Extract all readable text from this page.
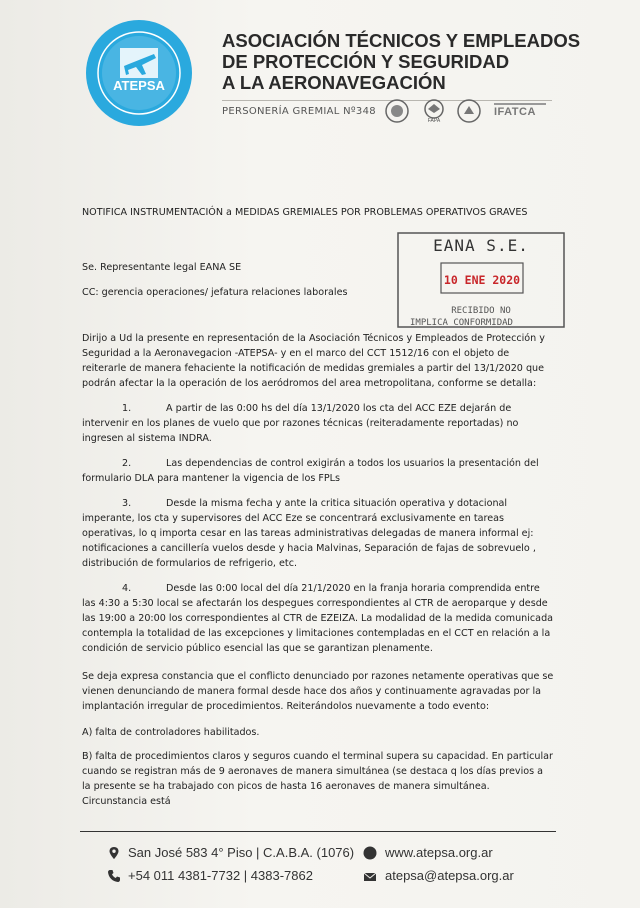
ATEPSA
ASOCIACIÓN TÉCNICOS Y EMPLEADOS
DE PROTECCIÓN Y SEGURIDAD
A LA AERONAVEGACIÓN
PERSONERÍA GREMIAL Nº348
FAPA
IFATCA
NOTIFICA INSTRUMENTACIÓN a MEDIDAS GREMIALES POR PROBLEMAS OPERATIVOS GRAVES
EANA S.E.
10 ENE 2020
RECIBIDO NO
IMPLICA CONFORMIDAD
Se. Representante legal EANA SE
CC: gerencia operaciones/ jefatura relaciones laborales

Dirijo a Ud la presente en representación de la Asociación Técnicos y Empleados de Protección y Seguridad a la Aeronavegacion -ATEPSA- y en el marco del CCT 1512/16 con el objeto de reiterarle de manera fehaciente la notificación de medidas gremiales a partir del 13/1/2020 que podrán afectar la la operación de los aeródromos del area metropolitana, conforme se detalla:

1.	A partir de las 0:00 hs del día 13/1/2020 los cta del ACC EZE dejarán de intervenir en los planes de vuelo que por razones técnicas (reiteradamente reportadas) no ingresen al sistema INDRA.

2.	Las dependencias de control exigirán a todos los usuarios la presentación del formulario DLA para mantener la vigencia de los FPLs

3.	Desde la misma fecha y ante la critica situación operativa y dotacional imperante, los cta y supervisores del ACC Eze se concentrará exclusivamente en tareas operativas, lo q importa cesar en las tareas administrativas delegadas de manera informal ej: notificaciones a cancillería vuelos desde y hacia Malvinas, Separación de fajas de sobrevuelo , distribución de formularios de refrigerio, etc.

4.	Desde las 0:00 local del día 21/1/2020 en la franja horaria comprendida entre las 4:30 a 5:30 local se afectarán los despegues correspondientes al CTR de aeroparque y desde las 19:00 a 20:00 los correspondientes al CTR de EZEIZA. La modalidad de la medida comunicada contempla la totalidad de las excepciones y limitaciones contempladas en el CCT en relación a la condición de servicio público esencial las que se garantizan plenamente.

Se deja expresa constancia que el conflicto denunciado por razones netamente operativas que se vienen denunciando de manera formal desde hace dos años y continuamente agravadas por la implantación irregular de procedimientos. Reiterándolos nuevamente a todo evento:

A) falta de controladores habilitados.

B) falta de procedimientos claros y seguros cuando el terminal supera su capacidad. En particular cuando se registran más de 9 aeronaves de manera simultánea (se destaca q los días previos a la presente se ha trabajado con picos de hasta 16 aeronaves de manera simultánea. Circunstancia está

San José 583 4° Piso | C.A.B.A. (1076)
+54 011 4381-7732 | 4383-7862
www.atepsa.org.ar
atepsa@atepsa.org.ar
